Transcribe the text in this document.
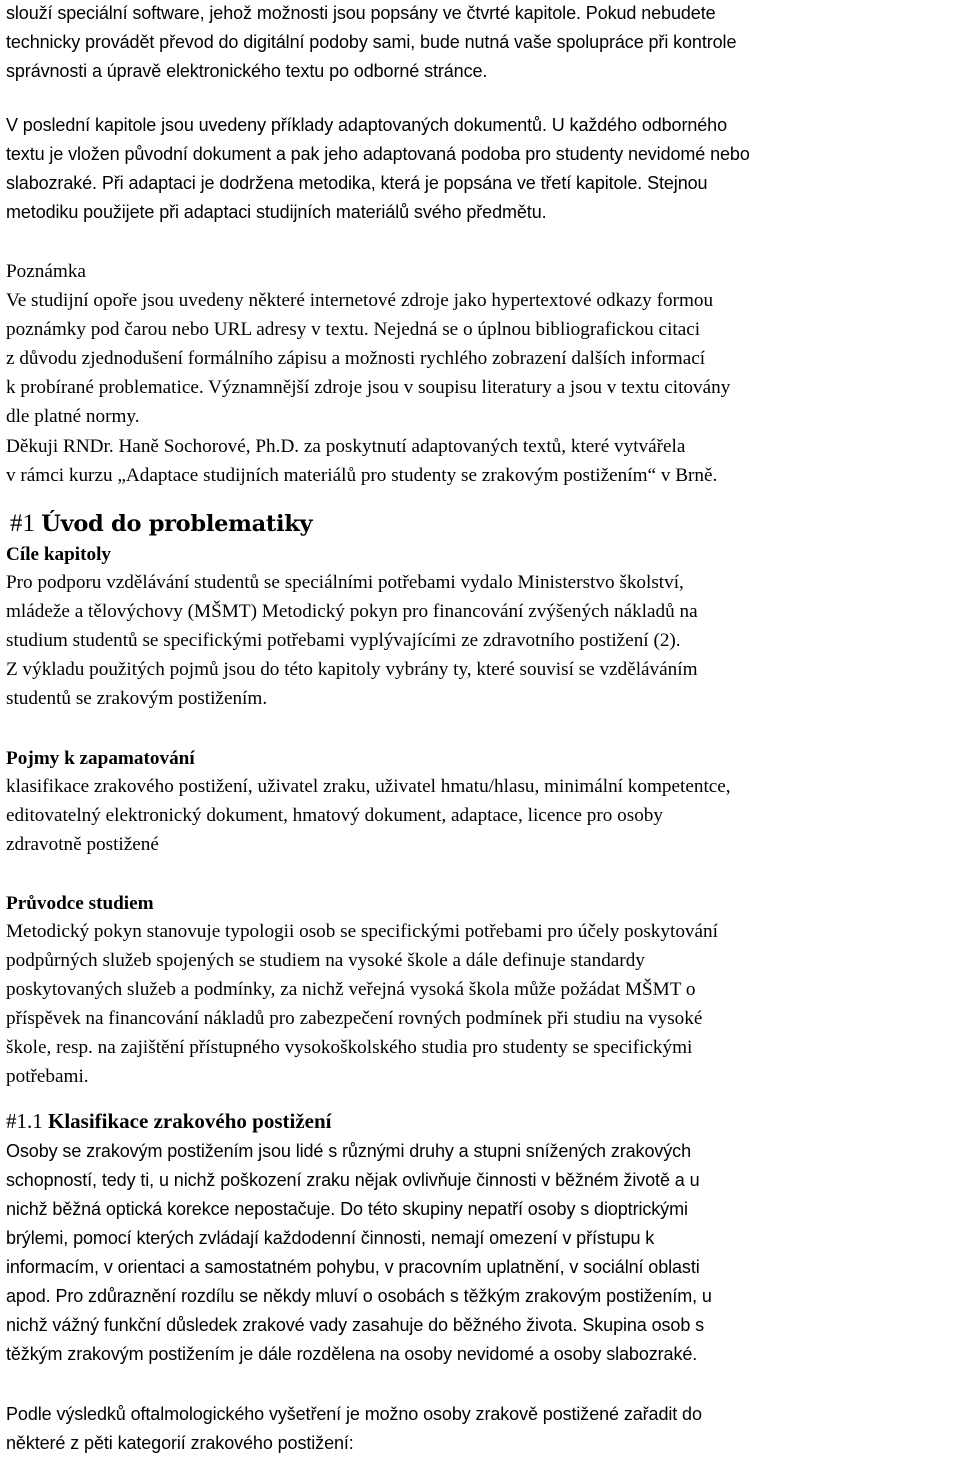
slouží speciální software, jehož možnosti jsou popsány ve čtvrté kapitole. Pokud nebudete
technicky provádět převod do digitální podoby sami, bude nutná vaše spolupráce při kontrole
správnosti a úpravě elektronického textu po odborné stránce.
V poslední kapitole jsou uvedeny příklady adaptovaných dokumentů. U každého odborného
textu je vložen původní dokument a pak jeho adaptovaná podoba pro studenty nevidomé nebo
slabozraké. Při adaptaci je dodržena metodika, která je popsána ve třetí kapitole. Stejnou
metodiku použijete při adaptaci studijních materiálů svého předmětu.
Poznámka
Ve studijní opoře jsou uvedeny některé internetové zdroje jako hypertextové odkazy formou
poznámky pod čarou nebo URL adresy v textu. Nejedná se o úplnou bibliografickou citaci
z důvodu zjednodušení formálního zápisu a možnosti rychlého zobrazení dalších informací
k probírané problematice. Významnější zdroje jsou v soupisu literatury a jsou v textu citovány
dle platné normy.
Děkuji RNDr. Haně Sochorové, Ph.D. za poskytnutí adaptovaných textů, které vytvářela
v rámci kurzu „Adaptace studijních materiálů pro studenty se zrakovým postižením“ v Brně.
#1 Úvod do problematiky
Cíle kapitoly
Pro podporu vzdělávání studentů se speciálními potřebami vydalo Ministerstvo školství,
mládeže a tělovýchovy (MŠMT) Metodický pokyn pro financování zvýšených nákladů na
studium studentů se specifickými potřebami vyplývajícími ze zdravotního postižení (2).
Z výkladu použitých pojmů jsou do této kapitoly vybrány ty, které souvisí se vzděláváním
studentů se zrakovým postižením.
Pojmy k zapamatování
klasifikace zrakového postižení, uživatel zraku, uživatel hmatu/hlasu, minimální kompetentce,
editovatelný elektronický dokument, hmatový dokument, adaptace, licence pro osoby
zdravotně postižené
Průvodce studiem
Metodický pokyn stanovuje typologii osob se specifickými potřebami pro účely poskytování
podpůrných služeb spojených se studiem na vysoké škole a dále definuje standardy
poskytovaných služeb a podmínky, za nichž veřejná vysoká škola může požádat MŠMT o
příspěvek na financování nákladů pro zabezpečení rovných podmínek při studiu na vysoké
škole, resp. na zajištění přístupného vysokoškolského studia pro studenty se specifickými
potřebami.
#1.1 Klasifikace zrakového postižení
Osoby se zrakovým postižením jsou lidé s různými druhy a stupni snížených zrakových
schopností, tedy ti, u nichž poškození zraku nějak ovlivňuje činnosti v běžném životě a u
nichž běžná optická korekce nepostačuje. Do této skupiny nepatří osoby s dioptrickými
brýlemi, pomocí kterých zvládají každodenní činnosti, nemají omezení v přístupu k
informacím, v orientaci a samostatném pohybu, v pracovním uplatnění, v sociální oblasti
apod. Pro zdůraznění rozdílu se někdy mluví o osobách s těžkým zrakovým postižením, u
nichž vážný funkční důsledek zrakové vady zasahuje do běžného života. Skupina osob s
těžkým zrakovým postižením je dále rozdělena na osoby nevidomé a osoby slabozraké.
Podle výsledků oftalmologického vyšetření je možno osoby zrakově postižené zařadit do
některé z pěti kategorií zrakového postižení:
